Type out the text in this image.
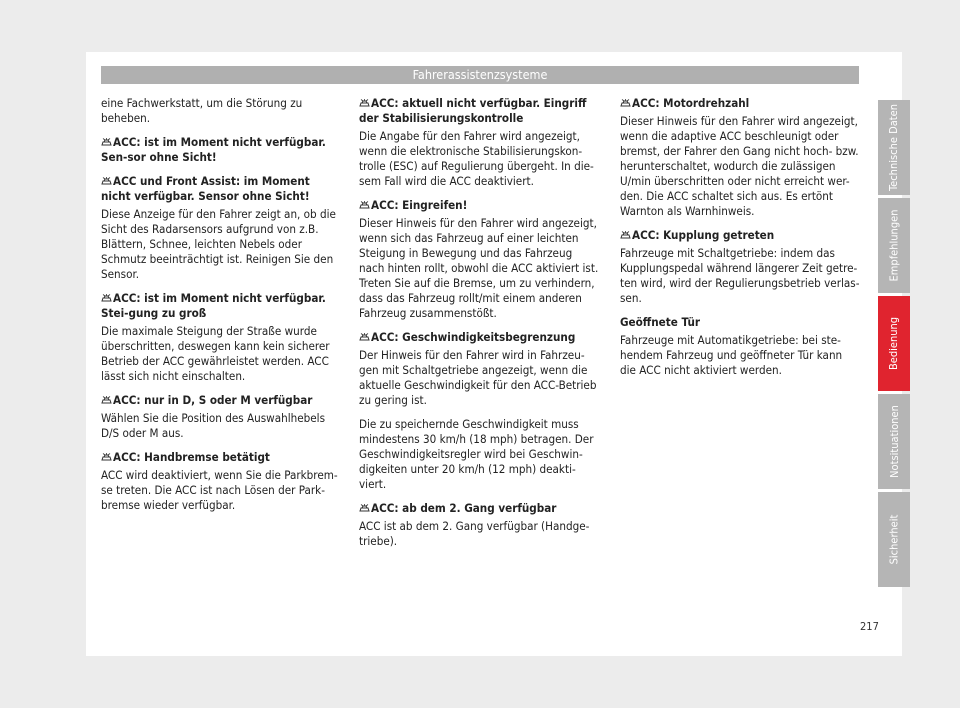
Fahrerassistenzsysteme

eine Fachwerkstatt, um die Störung zu beheben.

ACC: ist im Moment nicht verfügbar. Sen-sor ohne Sicht!
ACC und Front Assist: im Moment nicht verfügbar. Sensor ohne Sicht!

Diese Anzeige für den Fahrer zeigt an, ob die Sicht des Radarsensors aufgrund von z.B. Blättern, Schnee, leichten Nebels oder Schmutz beeinträchtigt ist. Reinigen Sie den Sensor.

ACC: ist im Moment nicht verfügbar. Stei-gung zu groß

Die maximale Steigung der Straße wurde überschritten, deswegen kann kein sicherer Betrieb der ACC gewährleistet werden. ACC lässt sich nicht einschalten.

ACC: nur in D, S oder M verfügbar

Wählen Sie die Position des Auswahlhebels D/S oder M aus.

ACC: Handbremse betätigt

ACC wird deaktiviert, wenn Sie die Parkbrem-se treten. Die ACC ist nach Lösen der Park-bremse wieder verfügbar.

ACC: aktuell nicht verfügbar. Eingriff der Stabilisierungskontrolle

Die Angabe für den Fahrer wird angezeigt, wenn die elektronische Stabilisierungskon-trolle (ESC) auf Regulierung übergeht. In die-sem Fall wird die ACC deaktiviert.

ACC: Eingreifen!

Dieser Hinweis für den Fahrer wird angezeigt, wenn sich das Fahrzeug auf einer leichten Steigung in Bewegung und das Fahrzeug nach hinten rollt, obwohl die ACC aktiviert ist. Treten Sie auf die Bremse, um zu verhindern, dass das Fahrzeug rollt/mit einem anderen Fahrzeug zusammenstößt.

ACC: Geschwindigkeitsbegrenzung

Der Hinweis für den Fahrer wird in Fahrzeu-gen mit Schaltgetriebe angezeigt, wenn die aktuelle Geschwindigkeit für den ACC-Betrieb zu gering ist.

Die zu speichernde Geschwindigkeit muss mindestens 30 km/h (18 mph) betragen. Der Geschwindigkeitsregler wird bei Geschwin-digkeiten unter 20 km/h (12 mph) deakti-viert.

ACC: ab dem 2. Gang verfügbar

ACC ist ab dem 2. Gang verfügbar (Handge-triebe).

ACC: Motordrehzahl

Dieser Hinweis für den Fahrer wird angezeigt, wenn die adaptive ACC beschleunigt oder bremst, der Fahrer den Gang nicht hoch- bzw. herunterschaltet, wodurch die zulässigen U/min überschritten oder nicht erreicht wer-den. Die ACC schaltet sich aus. Es ertönt Warnton als Warnhinweis.

ACC: Kupplung getreten

Fahrzeuge mit Schaltgetriebe: indem das Kupplungspedal während längerer Zeit getre-ten wird, wird der Regulierungsbetrieb verlas-sen.

Geöffnete Tür

Fahrzeuge mit Automatikgetriebe: bei ste-hendem Fahrzeug und geöffneter Tür kann die ACC nicht aktiviert werden.

Technische Daten
Empfehlungen
Bedienung
Notsituationen
Sicherheit
217
